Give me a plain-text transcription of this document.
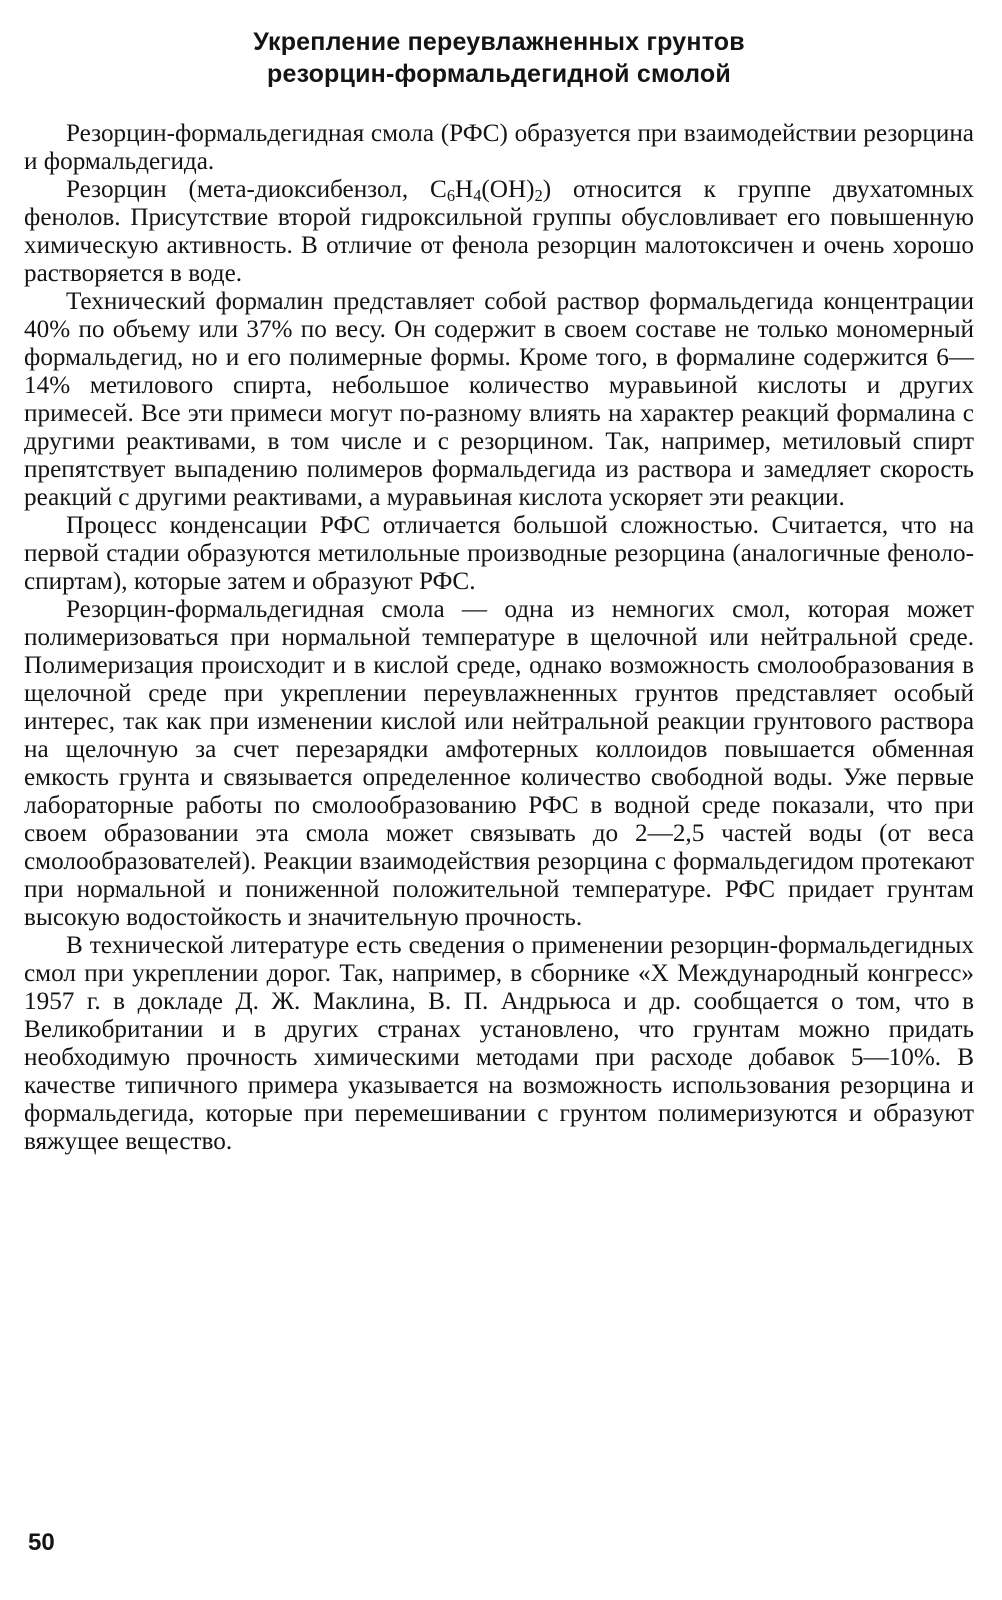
Укрепление переувлажненных грунтов
резорцин-формальдегидной смолой

Резорцин-формальдегидная смола (РФС) образуется при взаимодействии резорцина и формальдегида.

Резорцин (мета-диоксибензол, $C_6H_4(OH)_2$) относится к группе двухатомных фенолов. Присутствие второй гидроксильной группы обусловливает его повышенную химическую активность. В отличие от фенола резорцин малотоксичен и очень хорошо растворяется в воде.

Технический формалин представляет собой раствор формальдегида концентрации 40% по объему или 37% по весу. Он содержит в своем составе не только мономерный формальдегид, но и его полимерные формы. Кроме того, в формалине содержится 6—14% метилового спирта, небольшое количество муравьиной кислоты и других примесей. Все эти примеси могут по-разному влиять на характер реакций формалина с другими реактивами, в том числе и с резорцином. Так, например, метиловый спирт препятствует выпадению полимеров формальдегида из раствора и замедляет скорость реакций с другими реактивами, а муравьиная кислота ускоряет эти реакции.

Процесс конденсации РФС отличается большой сложностью. Считается, что на первой стадии образуются метилольные производные резорцина (аналогичные феноло-спиртам), которые затем и образуют РФС.

Резорцин-формальдегидная смола — одна из немногих смол, которая может полимеризоваться при нормальной температуре в щелочной или нейтральной среде. Полимеризация происходит и в кислой среде, однако возможность смолообразования в щелочной среде при укреплении переувлажненных грунтов представляет особый интерес, так как при изменении кислой или нейтральной реакции грунтового раствора на щелочную за счет перезарядки амфотерных коллоидов повышается обменная емкость грунта и связывается определенное количество свободной воды. Уже первые лабораторные работы по смолообразованию РФС в водной среде показали, что при своем образовании эта смола может связывать до 2—2,5 частей воды (от веса смолообразователей). Реакции взаимодействия резорцина с формальдегидом протекают при нормальной и пониженной положительной температуре. РФС придает грунтам высокую водостойкость и значительную прочность.

В технической литературе есть сведения о применении резорцин-формальдегидных смол при укреплении дорог. Так, например, в сборнике «X Международный конгресс» 1957 г. в докладе Д. Ж. Маклина, В. П. Андрьюса и др. сообщается о том, что в Великобритании и в других странах установлено, что грунтам можно придать необходимую прочность химическими методами при расходе добавок 5—10%. В качестве типичного примера указывается на возможность использования резорцина и формальдегида, которые при перемешивании с грунтом полимеризуются и образуют вяжущее вещество.

50
